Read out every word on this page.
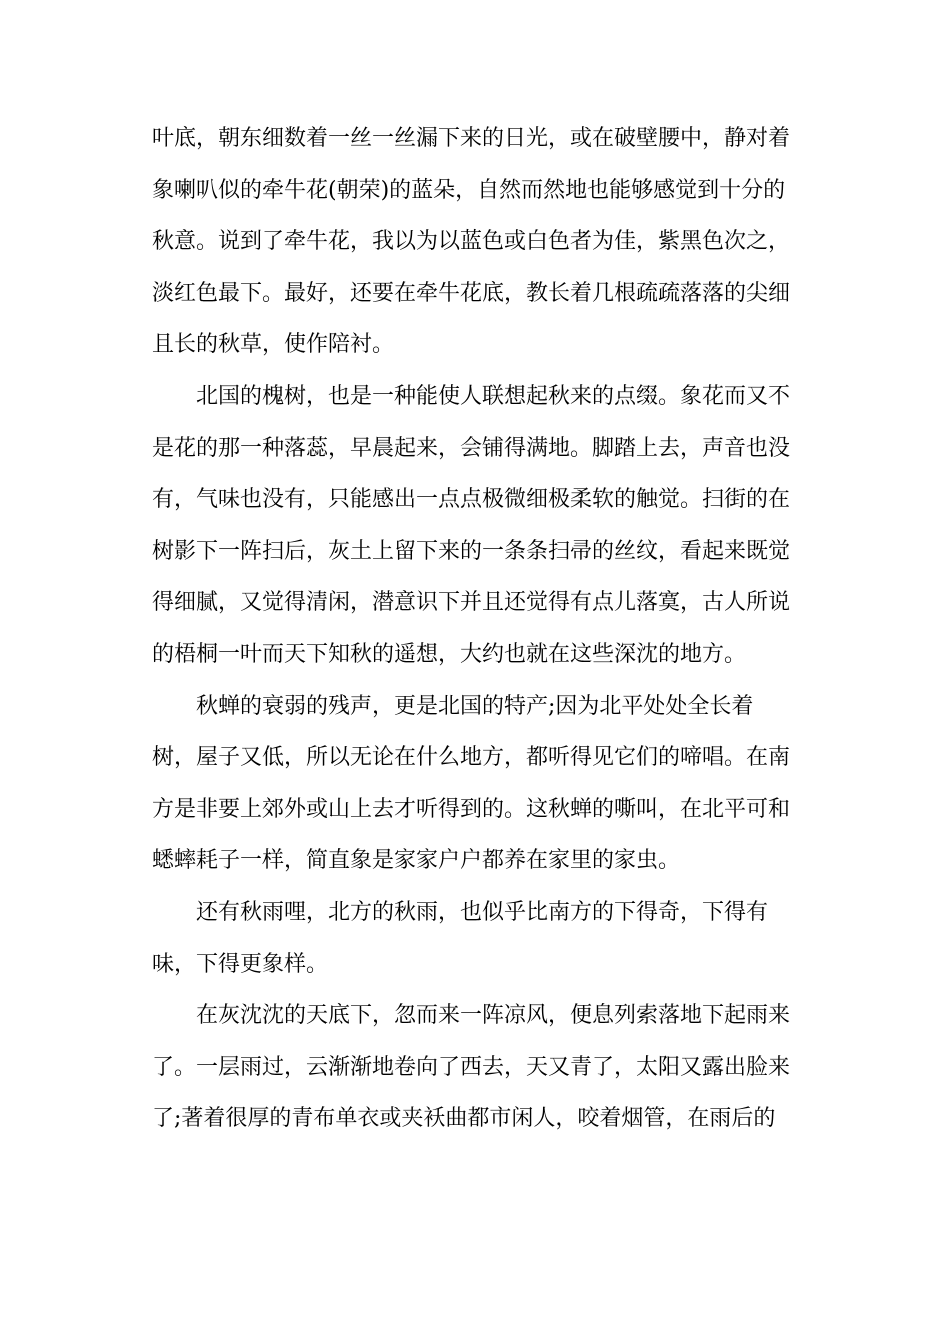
叶底，朝东细数着一丝一丝漏下来的日光，或在破壁腰中，静对着
象喇叭似的牵牛花(朝荣)的蓝朵，自然而然地也能够感觉到十分的
秋意。说到了牵牛花，我以为以蓝色或白色者为佳，紫黑色次之，
淡红色最下。最好，还要在牵牛花底，教长着几根疏疏落落的尖细
且长的秋草，使作陪衬。
北国的槐树，也是一种能使人联想起秋来的点缀。象花而又不
是花的那一种落蕊，早晨起来，会铺得满地。脚踏上去，声音也没
有，气味也没有，只能感出一点点极微细极柔软的触觉。扫街的在
树影下一阵扫后，灰土上留下来的一条条扫帚的丝纹，看起来既觉
得细腻，又觉得清闲，潜意识下并且还觉得有点儿落寞，古人所说
的梧桐一叶而天下知秋的遥想，大约也就在这些深沈的地方。
秋蝉的衰弱的残声，更是北国的特产;因为北平处处全长着
树，屋子又低，所以无论在什么地方，都听得见它们的啼唱。在南
方是非要上郊外或山上去才听得到的。这秋蝉的嘶叫，在北平可和
蟋蟀耗子一样，简直象是家家户户都养在家里的家虫。
还有秋雨哩，北方的秋雨，也似乎比南方的下得奇，下得有
味，下得更象样。
在灰沈沈的天底下，忽而来一阵凉风，便息列索落地下起雨来
了。一层雨过，云渐渐地卷向了西去，天又青了，太阳又露出脸来
了;著着很厚的青布单衣或夹袄曲都市闲人，咬着烟管，在雨后的
